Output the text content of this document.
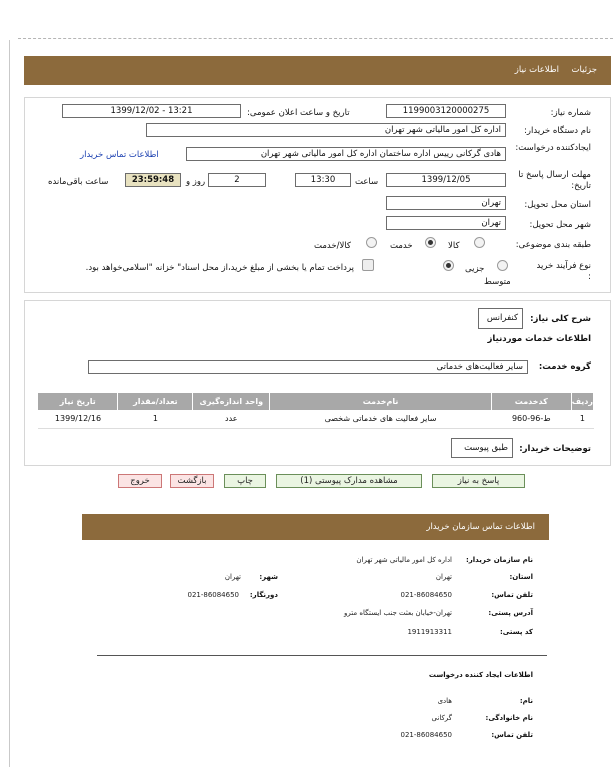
جزئیات
اطلاعات نیاز
شماره نیاز:
1199003120000275
تاریخ و ساعت اعلان عمومی:
1399/12/02 - 13:21
نام دستگاه خریدار:
اداره کل امور مالیاتی شهر تهران
ایجادکننده درخواست:
هادی گرکانی رییس اداره ساختمان اداره کل امور مالیاتی شهر تهران
اطلاعات تماس خریدار
مهلت ارسال پاسخ تا تاریخ:
1399/12/05
ساعت
13:30
2
روز و
23:59:48
ساعت باقی‌مانده
استان محل تحویل:
تهران
شهر محل تحویل:
تهران
طبقه بندی موضوعی:
کالا
خدمت
کالا/خدمت
نوع فرآیند خرید :
جزیی
متوسط
پرداخت تمام یا بخشی از مبلغ خرید،از محل اسناد" خزانه "اسلامی‌خواهد بود.
شرح کلی نیاز:
کنفرانس
اطلاعات خدمات موردنیاز
گروه خدمت:
سایر فعالیت‌های خدماتی
ردیف	کدخدمت	نام‌خدمت	واحد اندازه‌گیری	تعداد/مقدار	تاریخ نیاز
1	ط-96-960	سایر فعالیت های خدماتی شخصی	عدد	1	1399/12/16
توضیحات خریدار:
طبق پیوست
پاسخ به نیاز
مشاهده مدارک پیوستی (1)
چاپ
بازگشت
خروج
اطلاعات تماس سازمان خریدار
نام سازمان خریدار:
اداره کل امور مالیاتی شهر تهران
استان:
تهران
شهر:
تهران
تلفن تماس:
021-86084650
دورنگار:
021-86084650
آدرس پستی:
تهران-خیابان بعثت جنب ایستگاه مترو
کد پستی:
1911913311
اطلاعات ایجاد کننده درخواست
نام:
هادی
نام خانوادگی:
گرکانی
تلفن تماس:
021-86084650
